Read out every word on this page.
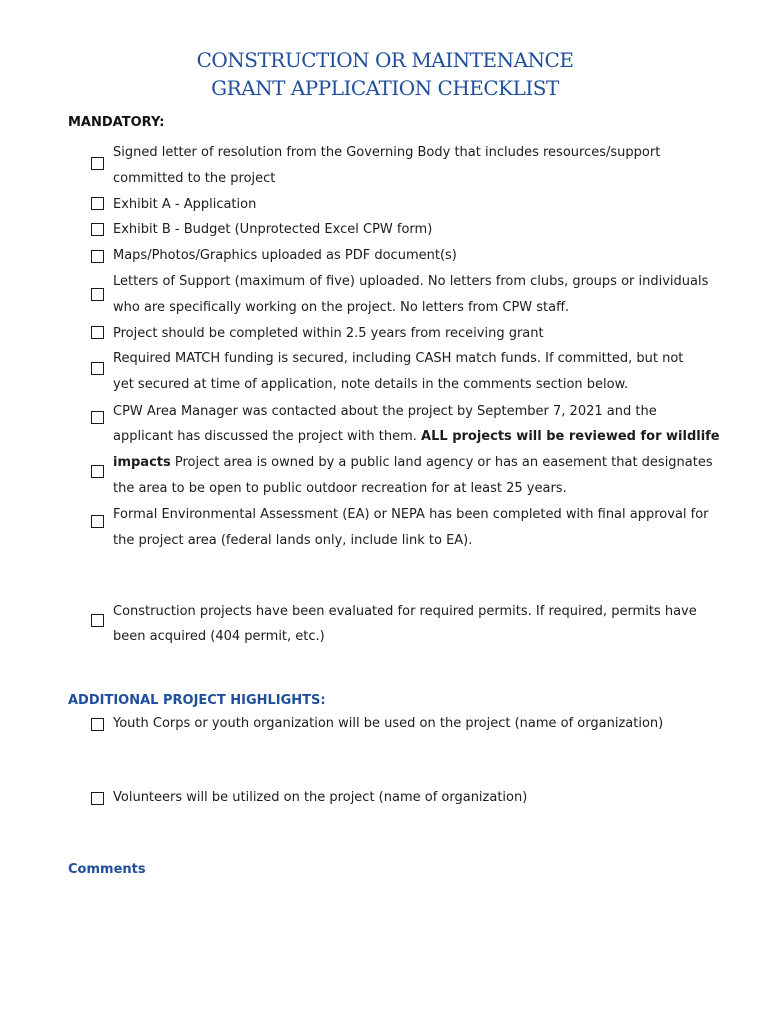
CONSTRUCTION OR MAINTENANCE
GRANT APPLICATION CHECKLIST
MANDATORY:
Signed letter of resolution from the Governing Body that includes resources/support
committed to the project
Exhibit A - Application
Exhibit B - Budget (Unprotected Excel CPW form)
Maps/Photos/Graphics uploaded as PDF document(s)
Letters of Support (maximum of five) uploaded. No letters from clubs, groups or individuals
who are specifically working on the project. No letters from CPW staff.
Project should be completed within 2.5 years from receiving grant
Required MATCH funding is secured, including CASH match funds. If committed, but not
yet secured at time of application, note details in the comments section below.
CPW Area Manager was contacted about the project by September 7, 2021 and the
applicant has discussed the project with them. ALL projects will be reviewed for wildlife
impacts Project area is owned by a public land agency or has an easement that designates
the area to be open to public outdoor recreation for at least 25 years.
Formal Environmental Assessment (EA) or NEPA has been completed with final approval for
the project area (federal lands only, include link to EA).
Construction projects have been evaluated for required permits. If required, permits have
been acquired (404 permit, etc.)
ADDITIONAL PROJECT HIGHLIGHTS:
Youth Corps or youth organization will be used on the project (name of organization)
Volunteers will be utilized on the project (name of organization)
Comments
